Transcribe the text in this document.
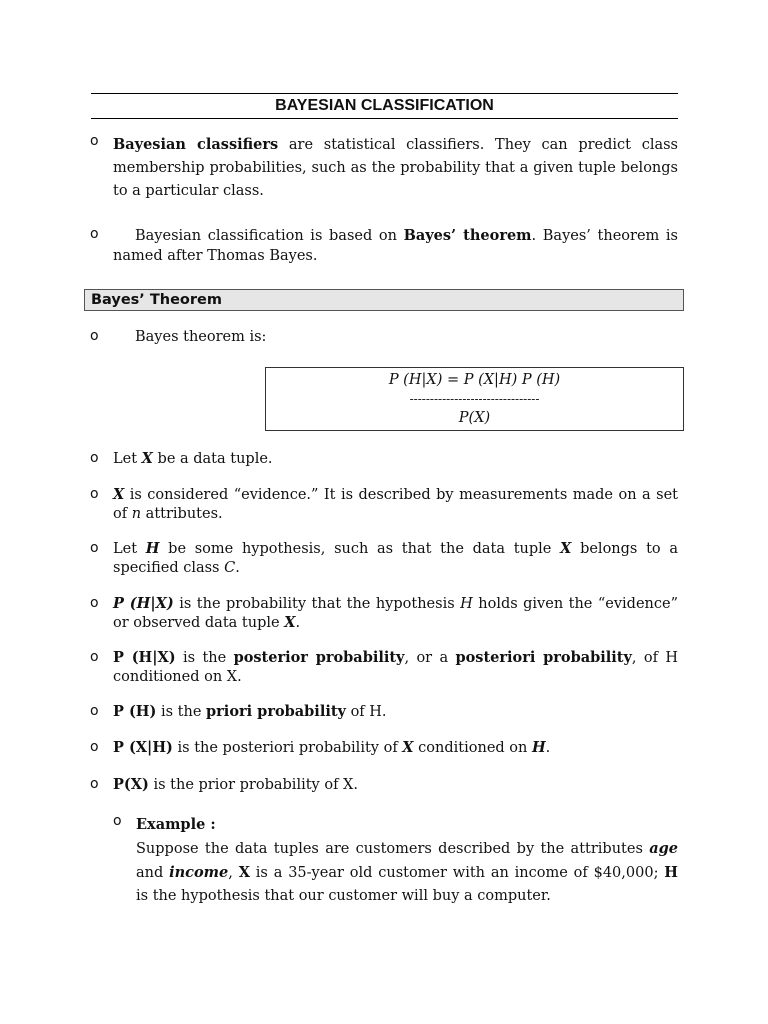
BAYESIAN CLASSIFICATION
o Bayesian classifiers are statistical classifiers. They can predict class membership probabilities, such as the probability that a given tuple belongs to a particular class.
o	Bayesian classification is based on Bayes’ theorem. Bayes’ theorem is named after Thomas Bayes.
Bayes’ Theorem
o	Bayes theorem is:
P (H|X) = P (X|H) P (H)
--------------------------------
P(X)
o Let X be a data tuple.
o X is considered “evidence.” It is described by measurements made on a set of n attributes.
o Let H be some hypothesis, such as that the data tuple X belongs to a specified class C.
o P (H|X) is the probability that the hypothesis H holds given the “evidence” or observed data tuple X.
o P (H|X) is the posterior probability, or a posteriori probability, of H conditioned on X.
o P (H) is the priori probability of H.
o P (X|H) is the posteriori probability of X conditioned on H.
o P(X) is the prior probability of X.
o Example :
Suppose the data tuples are customers described by the attributes age and income, X is a 35-year old customer with an income of $40,000; H is the hypothesis that our customer will buy a computer.
